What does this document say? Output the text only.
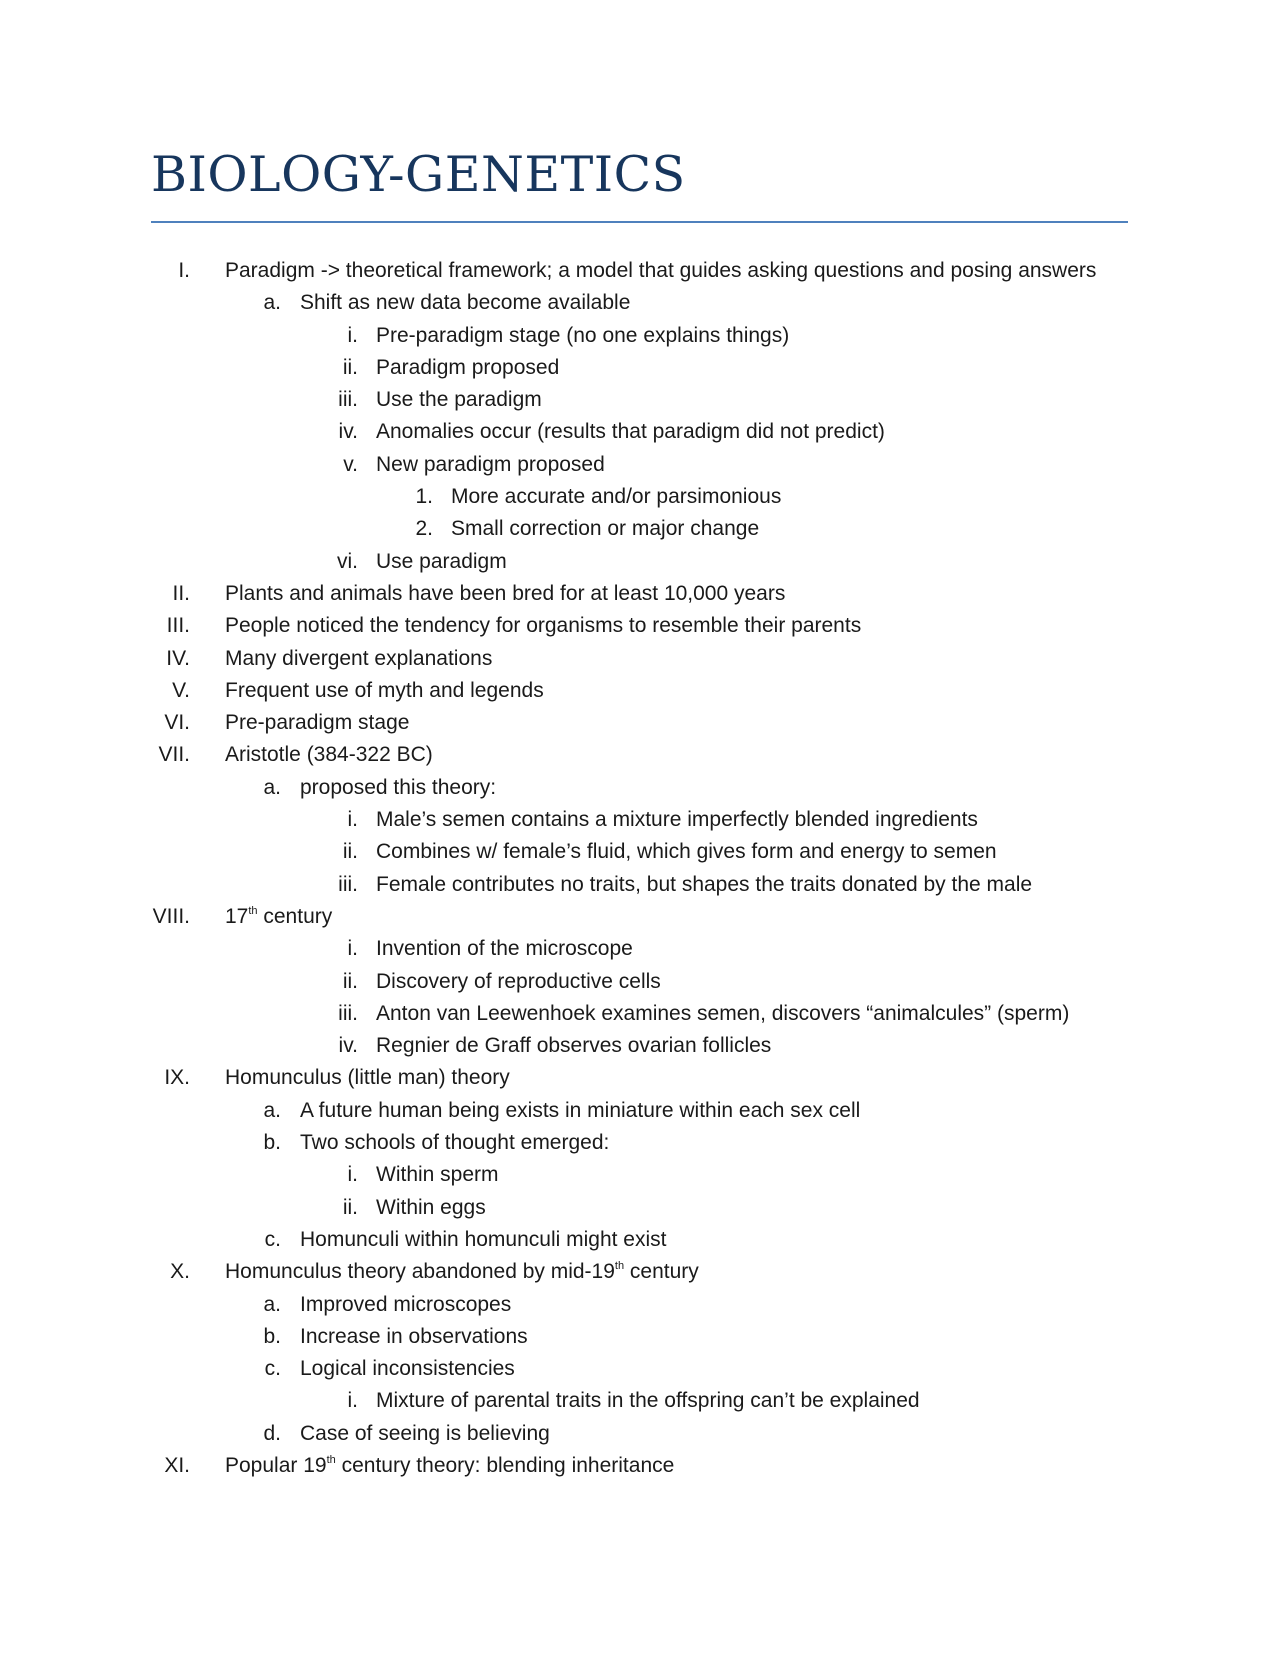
BIOLOGY-GENETICS
I. Paradigm -> theoretical framework; a model that guides asking questions and posing answers
a. Shift as new data become available
i. Pre-paradigm stage (no one explains things)
ii. Paradigm proposed
iii. Use the paradigm
iv. Anomalies occur (results that paradigm did not predict)
v. New paradigm proposed
1. More accurate and/or parsimonious
2. Small correction or major change
vi. Use paradigm
II. Plants and animals have been bred for at least 10,000 years
III. People noticed the tendency for organisms to resemble their parents
IV. Many divergent explanations
V. Frequent use of myth and legends
VI. Pre-paradigm stage
VII. Aristotle (384-322 BC)
a. proposed this theory:
i. Male’s semen contains a mixture imperfectly blended ingredients
ii. Combines w/ female’s fluid, which gives form and energy to semen
iii. Female contributes no traits, but shapes the traits donated by the male
VIII. 17th century
i. Invention of the microscope
ii. Discovery of reproductive cells
iii. Anton van Leewenhoek examines semen, discovers “animalcules” (sperm)
iv. Regnier de Graff observes ovarian follicles
IX. Homunculus (little man) theory
a. A future human being exists in miniature within each sex cell
b. Two schools of thought emerged:
i. Within sperm
ii. Within eggs
c. Homunculi within homunculi might exist
X. Homunculus theory abandoned by mid-19th century
a. Improved microscopes
b. Increase in observations
c. Logical inconsistencies
i. Mixture of parental traits in the offspring can’t be explained
d. Case of seeing is believing
XI. Popular 19th century theory: blending inheritance
